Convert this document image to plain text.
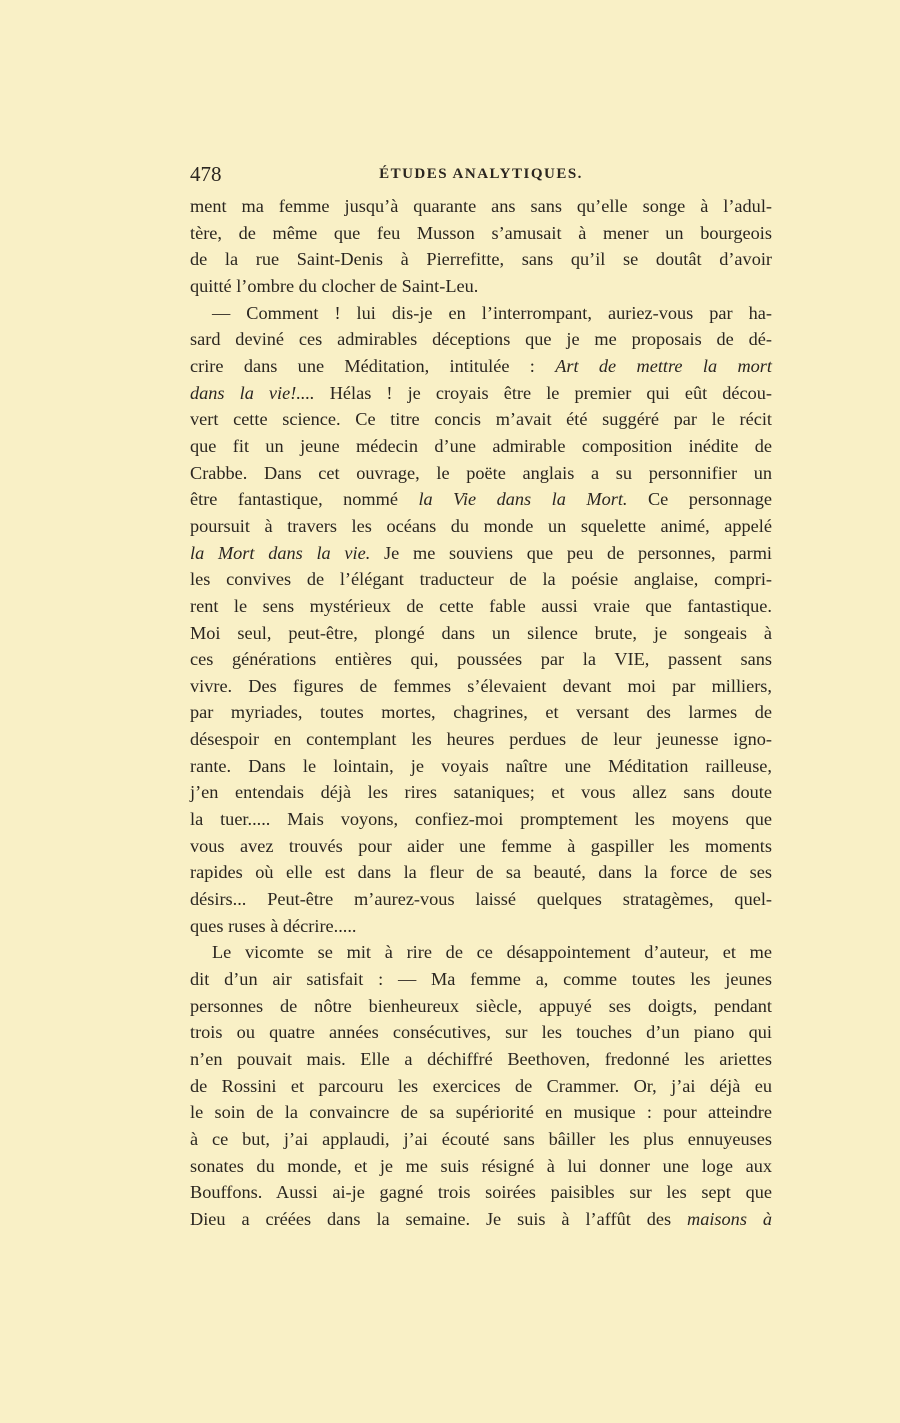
478	ÉTUDES ANALYTIQUES.
ment ma femme jusqu’à quarante ans sans qu’elle songe à l’adul-
tère, de même que feu Musson s’amusait à mener un bourgeois
de la rue Saint-Denis à Pierrefitte, sans qu’il se doutât d’avoir
quitté l’ombre du clocher de Saint-Leu.
— Comment ! lui dis-je en l’interrompant, auriez-vous par ha-
sard deviné ces admirables déceptions que je me proposais de dé-
crire dans une Méditation, intitulée : Art de mettre la mort
dans la vie!.... Hélas ! je croyais être le premier qui eût décou-
vert cette science. Ce titre concis m’avait été suggéré par le récit
que fit un jeune médecin d’une admirable composition inédite de
Crabbe. Dans cet ouvrage, le poëte anglais a su personnifier un
être fantastique, nommé la Vie dans la Mort. Ce personnage
poursuit à travers les océans du monde un squelette animé, appelé
la Mort dans la vie. Je me souviens que peu de personnes, parmi
les convives de l’élégant traducteur de la poésie anglaise, compri-
rent le sens mystérieux de cette fable aussi vraie que fantastique.
Moi seul, peut-être, plongé dans un silence brute, je songeais à
ces générations entières qui, poussées par la VIE, passent sans
vivre. Des figures de femmes s’élevaient devant moi par milliers,
par myriades, toutes mortes, chagrines, et versant des larmes de
désespoir en contemplant les heures perdues de leur jeunesse igno-
rante. Dans le lointain, je voyais naître une Méditation railleuse,
j’en entendais déjà les rires sataniques; et vous allez sans doute
la tuer..... Mais voyons, confiez-moi promptement les moyens que
vous avez trouvés pour aider une femme à gaspiller les moments
rapides où elle est dans la fleur de sa beauté, dans la force de ses
désirs... Peut-être m’aurez-vous laissé quelques stratagèmes, quel-
ques ruses à décrire.....
Le vicomte se mit à rire de ce désappointement d’auteur, et me
dit d’un air satisfait : — Ma femme a, comme toutes les jeunes
personnes de nôtre bienheureux siècle, appuyé ses doigts, pendant
trois ou quatre années consécutives, sur les touches d’un piano qui
n’en pouvait mais. Elle a déchiffré Beethoven, fredonné les ariettes
de Rossini et parcouru les exercices de Crammer. Or, j’ai déjà eu
le soin de la convaincre de sa supériorité en musique : pour atteindre
à ce but, j’ai applaudi, j’ai écouté sans bâiller les plus ennuyeuses
sonates du monde, et je me suis résigné à lui donner une loge aux
Bouffons. Aussi ai-je gagné trois soirées paisibles sur les sept que
Dieu a créées dans la semaine. Je suis à l’affût des maisons à
